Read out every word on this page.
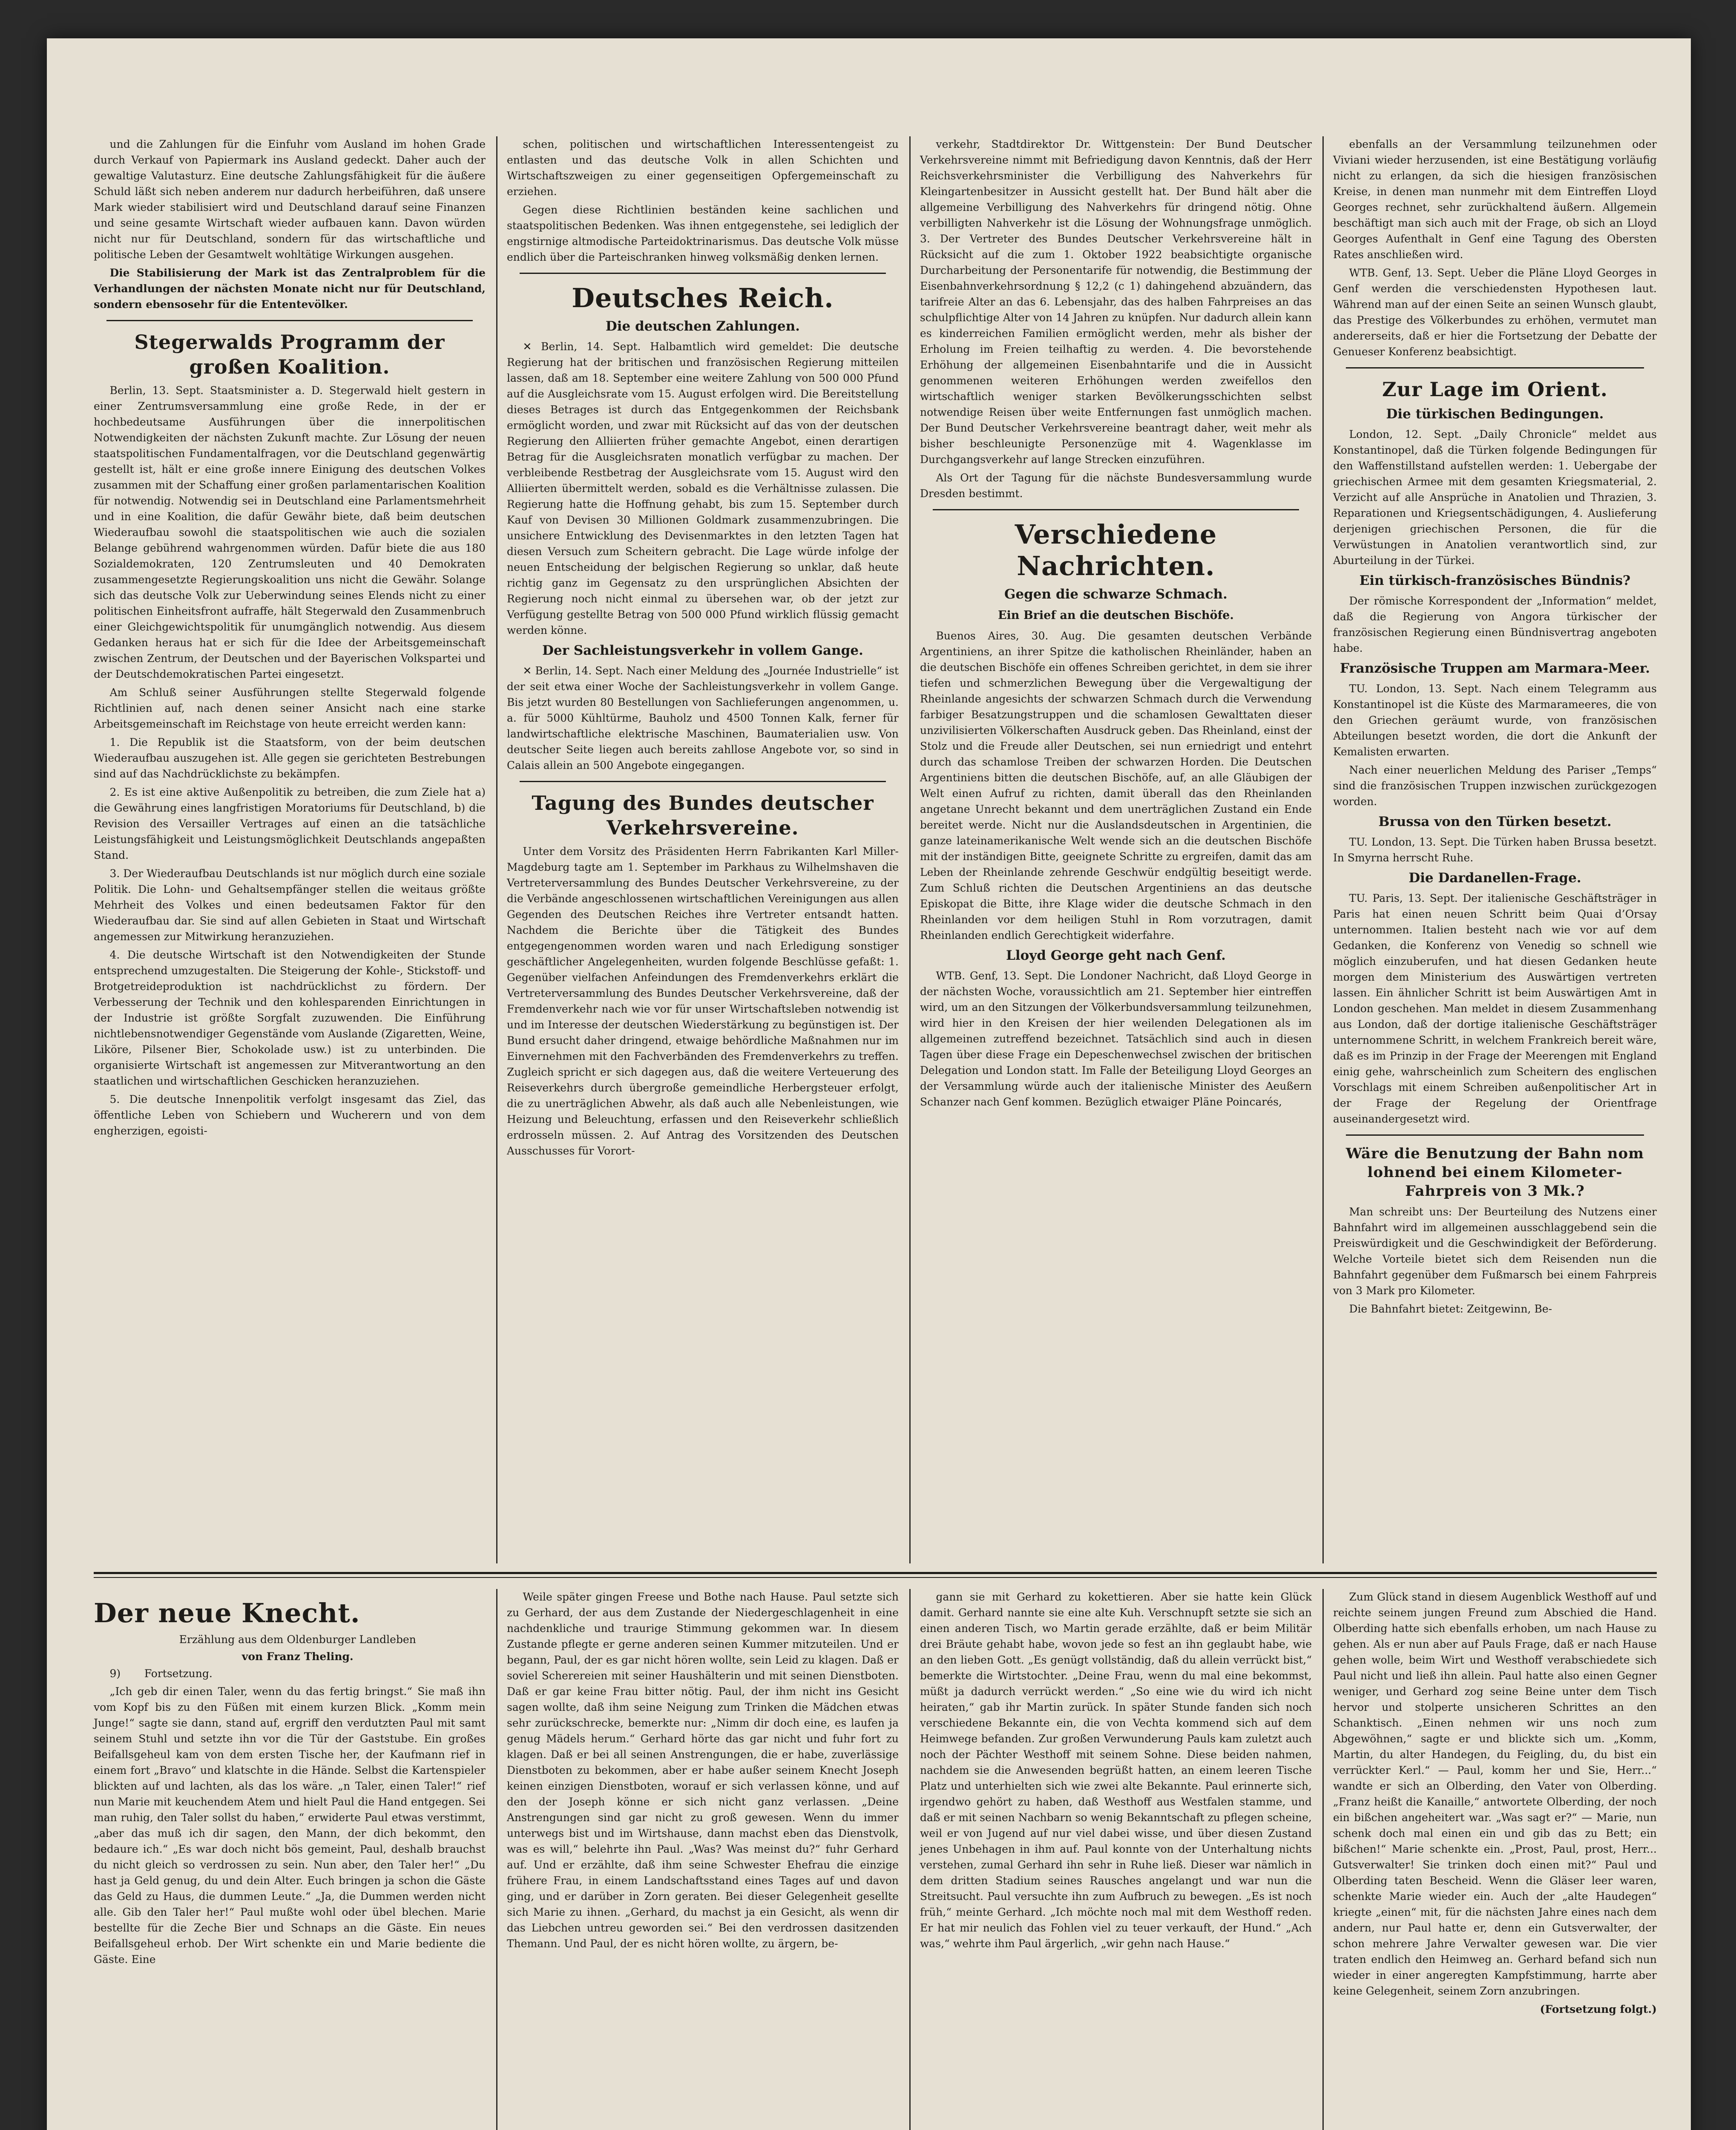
und die Zahlungen für die Einfuhr vom Ausland im hohen Grade durch Verkauf von Papiermark ins Ausland gedeckt. Daher auch der gewaltige Valutasturz. Eine deutsche Zahlungsfähigkeit für die äußere Schuld läßt sich neben anderem nur dadurch herbeiführen, daß unsere Mark wieder stabilisiert wird und Deutschland darauf seine Finanzen und seine gesamte Wirtschaft wieder aufbauen kann. Davon würden nicht nur für Deutschland, sondern für das wirtschaftliche und politische Leben der Gesamtwelt wohltätige Wirkungen ausgehen.

Die Stabilisierung der Mark ist das Zentralproblem für die Verhandlungen der nächsten Monate nicht nur für Deutschland, sondern ebensosehr für die Ententevölker.

Stegerwalds Programm der großen Koalition.

Berlin, 13. Sept. Staatsminister a. D. Stegerwald hielt gestern in einer Zentrumsversammlung eine große Rede, in der er hochbedeutsame Ausführungen über die innerpolitischen Notwendigkeiten der nächsten Zukunft machte. Zur Lösung der neuen staatspolitischen Fundamentalfragen, vor die Deutschland gegenwärtig gestellt ist, hält er eine große innere Einigung des deutschen Volkes zusammen mit der Schaffung einer großen parlamentarischen Koalition für notwendig. Notwendig sei in Deutschland eine Parlamentsmehrheit und in eine Koalition, die dafür Gewähr biete, daß beim deutschen Wiederaufbau sowohl die staatspolitischen wie auch die sozialen Belange gebührend wahrgenommen würden. Dafür biete die aus 180 Sozialdemokraten, 120 Zentrumsleuten und 40 Demokraten zusammengesetzte Regierungskoalition uns nicht die Gewähr. Solange sich das deutsche Volk zur Ueberwindung seines Elends nicht zu einer politischen Einheitsfront aufraffe, hält Stegerwald den Zusammenbruch einer Gleichgewichtspolitik für unumgänglich notwendig. Aus diesem Gedanken heraus hat er sich für die Idee der Arbeitsgemeinschaft zwischen Zentrum, der Deutschen und der Bayerischen Volkspartei und der Deutschdemokratischen Partei eingesetzt.

Am Schluß seiner Ausführungen stellte Stegerwald folgende Richtlinien auf, nach denen seiner Ansicht nach eine starke Arbeitsgemeinschaft im Reichstage von heute erreicht werden kann:

1. Die Republik ist die Staatsform, von der beim deutschen Wiederaufbau auszugehen ist. Alle gegen sie gerichteten Bestrebungen sind auf das Nachdrücklichste zu bekämpfen.

2. Es ist eine aktive Außenpolitik zu betreiben, die zum Ziele hat a) die Gewährung eines langfristigen Moratoriums für Deutschland, b) die Revision des Versailler Vertrages auf einen an die tatsächliche Leistungsfähigkeit und Leistungsmöglichkeit Deutschlands angepaßten Stand.

3. Der Wiederaufbau Deutschlands ist nur möglich durch eine soziale Politik. Die Lohn- und Gehaltsempfänger stellen die weitaus größte Mehrheit des Volkes und einen bedeutsamen Faktor für den Wiederaufbau dar. Sie sind auf allen Gebieten in Staat und Wirtschaft angemessen zur Mitwirkung heranzuziehen.

4. Die deutsche Wirtschaft ist den Notwendigkeiten der Stunde entsprechend umzugestalten. Die Steigerung der Kohle-, Stickstoff- und Brotgetreideproduktion ist nachdrücklichst zu fördern. Der Verbesserung der Technik und den kohlesparenden Einrichtungen in der Industrie ist größte Sorgfalt zuzuwenden. Die Einführung nichtlebensnotwendiger Gegenstände vom Auslande (Zigaretten, Weine, Liköre, Pilsener Bier, Schokolade usw.) ist zu unterbinden. Die organisierte Wirtschaft ist angemessen zur Mitverantwortung an den staatlichen und wirtschaftlichen Geschicken heranzuziehen.

5. Die deutsche Innenpolitik verfolgt insgesamt das Ziel, das öffentliche Leben von Schiebern und Wucherern und von dem engherzigen, egoisti-

schen, politischen und wirtschaftlichen Interessentengeist zu entlasten und das deutsche Volk in allen Schichten und Wirtschaftszweigen zu einer gegenseitigen Opfergemeinschaft zu erziehen.

Gegen diese Richtlinien beständen keine sachlichen und staatspolitischen Bedenken. Was ihnen entgegenstehe, sei lediglich der engstirnige altmodische Parteidoktrinarismus. Das deutsche Volk müsse endlich über die Parteischranken hinweg volksmäßig denken lernen.

Deutsches Reich.
Die deutschen Zahlungen.

✕ Berlin, 14. Sept. Halbamtlich wird gemeldet: Die deutsche Regierung hat der britischen und französischen Regierung mitteilen lassen, daß am 18. September eine weitere Zahlung von 500 000 Pfund auf die Ausgleichsrate vom 15. August erfolgen wird. Die Bereitstellung dieses Betrages ist durch das Entgegenkommen der Reichsbank ermöglicht worden, und zwar mit Rücksicht auf das von der deutschen Regierung den Alliierten früher gemachte Angebot, einen derartigen Betrag für die Ausgleichsraten monatlich verfügbar zu machen. Der verbleibende Restbetrag der Ausgleichsrate vom 15. August wird den Alliierten übermittelt werden, sobald es die Verhältnisse zulassen. Die Regierung hatte die Hoffnung gehabt, bis zum 15. September durch Kauf von Devisen 30 Millionen Goldmark zusammenzubringen. Die unsichere Entwicklung des Devisenmarktes in den letzten Tagen hat diesen Versuch zum Scheitern gebracht. Die Lage würde infolge der neuen Entscheidung der belgischen Regierung so unklar, daß heute richtig ganz im Gegensatz zu den ursprünglichen Absichten der Regierung noch nicht einmal zu übersehen war, ob der jetzt zur Verfügung gestellte Betrag von 500 000 Pfund wirklich flüssig gemacht werden könne.

Der Sachleistungsverkehr in vollem Gange.

✕ Berlin, 14. Sept. Nach einer Meldung des „Journée Industrielle“ ist der seit etwa einer Woche der Sachleistungsverkehr in vollem Gange. Bis jetzt wurden 80 Bestellungen von Sachlieferungen angenommen, u. a. für 5000 Kühltürme, Bauholz und 4500 Tonnen Kalk, ferner für landwirtschaftliche elektrische Maschinen, Baumaterialien usw. Von deutscher Seite liegen auch bereits zahllose Angebote vor, so sind in Calais allein an 500 Angebote eingegangen.

Tagung des Bundes deutscher Verkehrsvereine.

Unter dem Vorsitz des Präsidenten Herrn Fabrikanten Karl Miller-Magdeburg tagte am 1. September im Parkhaus zu Wilhelmshaven die Vertreterversammlung des Bundes Deutscher Verkehrsvereine, zu der die Verbände angeschlossenen wirtschaftlichen Vereinigungen aus allen Gegenden des Deutschen Reiches ihre Vertreter entsandt hatten. Nachdem die Berichte über die Tätigkeit des Bundes entgegengenommen worden waren und nach Erledigung sonstiger geschäftlicher Angelegenheiten, wurden folgende Beschlüsse gefaßt: 1. Gegenüber vielfachen Anfeindungen des Fremdenverkehrs erklärt die Vertreterversammlung des Bundes Deutscher Verkehrsvereine, daß der Fremdenverkehr nach wie vor für unser Wirtschaftsleben notwendig ist und im Interesse der deutschen Wiederstärkung zu begünstigen ist. Der Bund ersucht daher dringend, etwaige behördliche Maßnahmen nur im Einvernehmen mit den Fachverbänden des Fremdenverkehrs zu treffen. Zugleich spricht er sich dagegen aus, daß die weitere Verteuerung des Reiseverkehrs durch übergroße gemeindliche Herbergsteuer erfolgt, die zu unerträglichen Abwehr, als daß auch alle Nebenleistungen, wie Heizung und Beleuchtung, erfassen und den Reiseverkehr schließlich erdrosseln müssen. 2. Auf Antrag des Vorsitzenden des Deutschen Ausschusses für Vorort-

verkehr, Stadtdirektor Dr. Wittgenstein: Der Bund Deutscher Verkehrsvereine nimmt mit Befriedigung davon Kenntnis, daß der Herr Reichsverkehrsminister die Verbilligung des Nahverkehrs für Kleingartenbesitzer in Aussicht gestellt hat. Der Bund hält aber die allgemeine Verbilligung des Nahverkehrs für dringend nötig. Ohne verbilligten Nahverkehr ist die Lösung der Wohnungsfrage unmöglich. 3. Der Vertreter des Bundes Deutscher Verkehrsvereine hält in Rücksicht auf die zum 1. Oktober 1922 beabsichtigte organische Durcharbeitung der Personentarife für notwendig, die Bestimmung der Eisenbahnverkehrsordnung § 12,2 (c 1) dahingehend abzuändern, das tarifreie Alter an das 6. Lebensjahr, das des halben Fahrpreises an das schulpflichtige Alter von 14 Jahren zu knüpfen. Nur dadurch allein kann es kinderreichen Familien ermöglicht werden, mehr als bisher der Erholung im Freien teilhaftig zu werden. 4. Die bevorstehende Erhöhung der allgemeinen Eisenbahntarife und die in Aussicht genommenen weiteren Erhöhungen werden zweifellos den wirtschaftlich weniger starken Bevölkerungsschichten selbst notwendige Reisen über weite Entfernungen fast unmöglich machen. Der Bund Deutscher Verkehrsvereine beantragt daher, weit mehr als bisher beschleunigte Personenzüge mit 4. Wagenklasse im Durchgangsverkehr auf lange Strecken einzuführen.

Als Ort der Tagung für die nächste Bundesversammlung wurde Dresden bestimmt.

Verschiedene Nachrichten.
Gegen die schwarze Schmach.
Ein Brief an die deutschen Bischöfe.

Buenos Aires, 30. Aug. Die gesamten deutschen Verbände Argentiniens, an ihrer Spitze die katholischen Rheinländer, haben an die deutschen Bischöfe ein offenes Schreiben gerichtet, in dem sie ihrer tiefen und schmerzlichen Bewegung über die Vergewaltigung der Rheinlande angesichts der schwarzen Schmach durch die Verwendung farbiger Besatzungstruppen und die schamlosen Gewalttaten dieser unzivilisierten Völkerschaften Ausdruck geben. Das Rheinland, einst der Stolz und die Freude aller Deutschen, sei nun erniedrigt und entehrt durch das schamlose Treiben der schwarzen Horden. Die Deutschen Argentiniens bitten die deutschen Bischöfe, auf, an alle Gläubigen der Welt einen Aufruf zu richten, damit überall das den Rheinlanden angetane Unrecht bekannt und dem unerträglichen Zustand ein Ende bereitet werde. Nicht nur die Auslandsdeutschen in Argentinien, die ganze lateinamerikanische Welt wende sich an die deutschen Bischöfe mit der inständigen Bitte, geeignete Schritte zu ergreifen, damit das am Leben der Rheinlande zehrende Geschwür endgültig beseitigt werde. Zum Schluß richten die Deutschen Argentiniens an das deutsche Episkopat die Bitte, ihre Klage wider die deutsche Schmach in den Rheinlanden vor dem heiligen Stuhl in Rom vorzutragen, damit Rheinlanden endlich Gerechtigkeit widerfahre.

Lloyd George geht nach Genf.

WTB. Genf, 13. Sept. Die Londoner Nachricht, daß Lloyd George in der nächsten Woche, voraussichtlich am 21. September hier eintreffen wird, um an den Sitzungen der Völkerbundsversammlung teilzunehmen, wird hier in den Kreisen der hier weilenden Delegationen als im allgemeinen zutreffend bezeichnet. Tatsächlich sind auch in diesen Tagen über diese Frage ein Depeschenwechsel zwischen der britischen Delegation und London statt. Im Falle der Beteiligung Lloyd Georges an der Versammlung würde auch der italienische Minister des Aeußern Schanzer nach Genf kommen. Bezüglich etwaiger Pläne Poincarés,

ebenfalls an der Versammlung teilzunehmen oder Viviani wieder herzusenden, ist eine Bestätigung vorläufig nicht zu erlangen, da sich die hiesigen französischen Kreise, in denen man nunmehr mit dem Eintreffen Lloyd Georges rechnet, sehr zurückhaltend äußern. Allgemein beschäftigt man sich auch mit der Frage, ob sich an Lloyd Georges Aufenthalt in Genf eine Tagung des Obersten Rates anschließen wird.

WTB. Genf, 13. Sept. Ueber die Pläne Lloyd Georges in Genf werden die verschiedensten Hypothesen laut. Während man auf der einen Seite an seinen Wunsch glaubt, das Prestige des Völkerbundes zu erhöhen, vermutet man andererseits, daß er hier die Fortsetzung der Debatte der Genueser Konferenz beabsichtigt.

Zur Lage im Orient.
Die türkischen Bedingungen.

London, 12. Sept. „Daily Chronicle“ meldet aus Konstantinopel, daß die Türken folgende Bedingungen für den Waffenstillstand aufstellen werden: 1. Uebergabe der griechischen Armee mit dem gesamten Kriegsmaterial, 2. Verzicht auf alle Ansprüche in Anatolien und Thrazien, 3. Reparationen und Kriegsentschädigungen, 4. Auslieferung derjenigen griechischen Personen, die für die Verwüstungen in Anatolien verantwortlich sind, zur Aburteilung in der Türkei.

Ein türkisch-französisches Bündnis?

Der römische Korrespondent der „Information“ meldet, daß die Regierung von Angora türkischer der französischen Regierung einen Bündnisvertrag angeboten habe.

Französische Truppen am Marmara-Meer.

TU. London, 13. Sept. Nach einem Telegramm aus Konstantinopel ist die Küste des Marmarameeres, die von den Griechen geräumt wurde, von französischen Abteilungen besetzt worden, die dort die Ankunft der Kemalisten erwarten.

Nach einer neuerlichen Meldung des Pariser „Temps“ sind die französischen Truppen inzwischen zurückgezogen worden.

Brussa von den Türken besetzt.

TU. London, 13. Sept. Die Türken haben Brussa besetzt. In Smyrna herrscht Ruhe.

Die Dardanellen-Frage.

TU. Paris, 13. Sept. Der italienische Geschäftsträger in Paris hat einen neuen Schritt beim Quai d’Orsay unternommen. Italien besteht nach wie vor auf dem Gedanken, die Konferenz von Venedig so schnell wie möglich einzuberufen, und hat diesen Gedanken heute morgen dem Ministerium des Auswärtigen vertreten lassen. Ein ähnlicher Schritt ist beim Auswärtigen Amt in London geschehen. Man meldet in diesem Zusammenhang aus London, daß der dortige italienische Geschäftsträger unternommene Schritt, in welchem Frankreich bereit wäre, daß es im Prinzip in der Frage der Meerengen mit England einig gehe, wahrscheinlich zum Scheitern des englischen Vorschlags mit einem Schreiben außenpolitischer Art in der Frage der Regelung der Orientfrage auseinandergesetzt wird.

Wäre die Benutzung der Bahn nom lohnend bei einem Kilometer-Fahrpreis von 3 Mk.?

Man schreibt uns: Der Beurteilung des Nutzens einer Bahnfahrt wird im allgemeinen ausschlaggebend sein die Preiswürdigkeit und die Geschwindigkeit der Beförderung. Welche Vorteile bietet sich dem Reisenden nun die Bahnfahrt gegenüber dem Fußmarsch bei einem Fahrpreis von 3 Mark pro Kilometer.

Die Bahnfahrt bietet: Zeitgewinn, Be-

Der neue Knecht.

Erzählung aus dem Oldenburger Landleben

von Franz Theling.

9) Fortsetzung.

„Ich geb dir einen Taler, wenn du das fertig bringst.“ Sie maß ihn vom Kopf bis zu den Füßen mit einem kurzen Blick. „Komm mein Junge!“ sagte sie dann, stand auf, ergriff den verdutzten Paul mit samt seinem Stuhl und setzte ihn vor die Tür der Gaststube. Ein großes Beifallsgeheul kam von dem ersten Tische her, der Kaufmann rief in einem fort „Bravo“ und klatschte in die Hände. Selbst die Kartenspieler blickten auf und lachten, als das los wäre. „n Taler, einen Taler!“ rief nun Marie mit keuchendem Atem und hielt Paul die Hand entgegen. Sei man ruhig, den Taler sollst du haben,“ erwiderte Paul etwas verstimmt, „aber das muß ich dir sagen, den Mann, der dich bekommt, den bedaure ich.“ „Es war doch nicht bös gemeint, Paul, deshalb brauchst du nicht gleich so verdrossen zu sein. Nun aber, den Taler her!“ „Du hast ja Geld genug, du und dein Alter. Euch bringen ja schon die Gäste das Geld zu Haus, die dummen Leute.“ „Ja, die Dummen werden nicht alle. Gib den Taler her!“ Paul mußte wohl oder übel blechen. Marie bestellte für die Zeche Bier und Schnaps an die Gäste. Ein neues Beifallsgeheul erhob. Der Wirt schenkte ein und Marie bediente die Gäste. Eine

Weile später gingen Freese und Bothe nach Hause. Paul setzte sich zu Gerhard, der aus dem Zustande der Niedergeschlagenheit in eine nachdenkliche und traurige Stimmung gekommen war. In diesem Zustande pflegte er gerne anderen seinen Kummer mitzuteilen. Und er begann, Paul, der es gar nicht hören wollte, sein Leid zu klagen. Daß er soviel Scherereien mit seiner Haushälterin und mit seinen Dienstboten. Daß er gar keine Frau bitter nötig. Paul, der ihm nicht ins Gesicht sagen wollte, daß ihm seine Neigung zum Trinken die Mädchen etwas sehr zurückschrecke, bemerkte nur: „Nimm dir doch eine, es laufen ja genug Mädels herum.“ Gerhard hörte das gar nicht und fuhr fort zu klagen. Daß er bei all seinen Anstrengungen, die er habe, zuverlässige Dienstboten zu bekommen, aber er habe außer seinem Knecht Joseph keinen einzigen Dienstboten, worauf er sich verlassen könne, und auf den der Joseph könne er sich nicht ganz verlassen. „Deine Anstrengungen sind gar nicht zu groß gewesen. Wenn du immer unterwegs bist und im Wirtshause, dann machst eben das Dienstvolk, was es will,“ belehrte ihn Paul. „Was? Was meinst du?“ fuhr Gerhard auf. Und er erzählte, daß ihm seine Schwester Ehefrau die einzige frühere Frau, in einem Landschaftsstand eines Tages auf und davon ging, und er darüber in Zorn geraten. Bei dieser Gelegenheit gesellte sich Marie zu ihnen. „Gerhard, du machst ja ein Gesicht, als wenn dir das Liebchen untreu geworden sei.“ Bei den verdrossen dasitzenden Themann. Und Paul, der es nicht hören wollte, zu ärgern, be-

gann sie mit Gerhard zu kokettieren. Aber sie hatte kein Glück damit. Gerhard nannte sie eine alte Kuh. Verschnupft setzte sie sich an einen anderen Tisch, wo Martin gerade erzählte, daß er beim Militär drei Bräute gehabt habe, wovon jede so fest an ihn geglaubt habe, wie an den lieben Gott. „Es genügt vollständig, daß du allein verrückt bist,“ bemerkte die Wirtstochter. „Deine Frau, wenn du mal eine bekommst, müßt ja dadurch verrückt werden.“ „So eine wie du wird ich nicht heiraten,“ gab ihr Martin zurück. In später Stunde fanden sich noch verschiedene Bekannte ein, die von Vechta kommend sich auf dem Heimwege befanden. Zur großen Verwunderung Pauls kam zuletzt auch noch der Pächter Westhoff mit seinem Sohne. Diese beiden nahmen, nachdem sie die Anwesenden begrüßt hatten, an einem leeren Tische Platz und unterhielten sich wie zwei alte Bekannte. Paul erinnerte sich, irgendwo gehört zu haben, daß Westhoff aus Westfalen stamme, und daß er mit seinen Nachbarn so wenig Bekanntschaft zu pflegen scheine, weil er von Jugend auf nur viel dabei wisse, und über diesen Zustand jenes Unbehagen in ihm auf. Paul konnte von der Unterhaltung nichts verstehen, zumal Gerhard ihn sehr in Ruhe ließ. Dieser war nämlich in dem dritten Stadium seines Rausches angelangt und war nun die Streitsucht. Paul versuchte ihn zum Aufbruch zu bewegen. „Es ist noch früh,“ meinte Gerhard. „Ich möchte noch mal mit dem Westhoff reden. Er hat mir neulich das Fohlen viel zu teuer verkauft, der Hund.“ „Ach was,“ wehrte ihm Paul ärgerlich, „wir gehn nach Hause.“

Zum Glück stand in diesem Augenblick Westhoff auf und reichte seinem jungen Freund zum Abschied die Hand. Olberding hatte sich ebenfalls erhoben, um nach Hause zu gehen. Als er nun aber auf Pauls Frage, daß er nach Hause gehen wolle, beim Wirt und Westhoff verabschiedete sich Paul nicht und ließ ihn allein. Paul hatte also einen Gegner weniger, und Gerhard zog seine Beine unter dem Tisch hervor und stolperte unsicheren Schrittes an den Schanktisch. „Einen nehmen wir uns noch zum Abgewöhnen,“ sagte er und blickte sich um. „Komm, Martin, du alter Handegen, du Feigling, du, du bist ein verrückter Kerl.“ — Paul, komm her und Sie, Herr...“ wandte er sich an Olberding, den Vater von Olberding. „Franz heißt die Kanaille,“ antwortete Olberding, der noch ein bißchen angeheitert war. „Was sagt er?“ — Marie, nun schenk doch mal einen ein und gib das zu Bett; ein bißchen!“ Marie schenkte ein. „Prost, Paul, prost, Herr... Gutsverwalter! Sie trinken doch einen mit?“ Paul und Olberding taten Bescheid. Wenn die Gläser leer waren, schenkte Marie wieder ein. Auch der „alte Haudegen“ kriegte „einen“ mit, für die nächsten Jahre eines nach dem andern, nur Paul hatte er, denn ein Gutsverwalter, der schon mehrere Jahre Verwalter gewesen war. Die vier traten endlich den Heimweg an. Gerhard befand sich nun wieder in einer angeregten Kampfstimmung, harrte aber keine Gelegenheit, seinem Zorn anzubringen.

(Fortsetzung folgt.)
